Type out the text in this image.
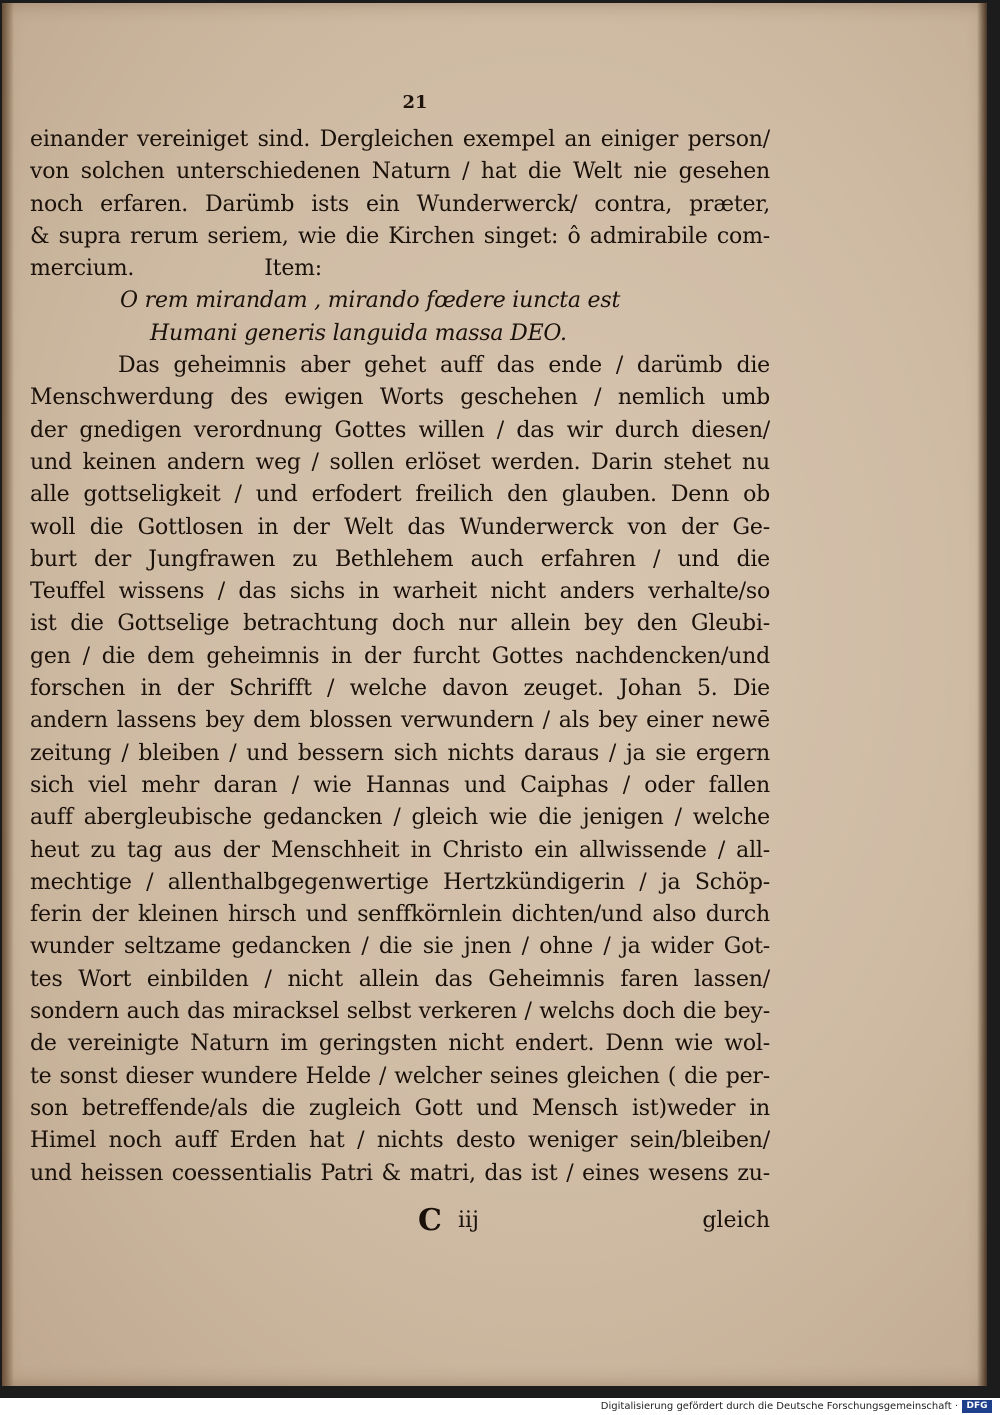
21
einander vereiniget sind. Dergleichen exempel an einiger person/
von solchen unterschiedenen Naturn / hat die Welt nie gesehen
noch erfaren. Darümb ists ein Wunderwerck/ contra, præter,
& supra rerum seriem, wie die Kirchen singet: ô admirabile com-
mercium.	Item:
O rem mirandam , mirando fœdere iuncta est
Humani generis languida massa DEO.
Das geheimnis aber gehet auff das ende / darümb die
Menschwerdung des ewigen Worts geschehen / nemlich umb
der gnedigen verordnung Gottes willen / das wir durch diesen/
und keinen andern weg / sollen erlöset werden. Darin stehet nu
alle gottseligkeit / und erfodert freilich den glauben. Denn ob
woll die Gottlosen in der Welt das Wunderwerck von der Ge-
burt der Jungfrawen zu Bethlehem auch erfahren / und die
Teuffel wissens / das sichs in warheit nicht anders verhalte/so
ist die Gottselige betrachtung doch nur allein bey den Gleubi-
gen / die dem geheimnis in der furcht Gottes nachdencken/und
forschen in der Schrifft / welche davon zeuget. Johan 5. Die
andern lassens bey dem blossen verwundern / als bey einer newē
zeitung / bleiben / und bessern sich nichts daraus / ja sie ergern
sich viel mehr daran / wie Hannas und Caiphas / oder fallen
auff aberglеubische gedancken / gleich wie die jenigen / welche
heut zu tag aus der Menschheit in Christo ein allwissende / all-
mechtige / allenthalbgegenwertige Hertzkündigerin / ja Schöp-
ferin der kleinen hirsch und senffkörnlein dichten/und also durch
wunder seltzame gedancken / die sie jnen / ohne / ja wider Got-
tes Wort einbilden / nicht allein das Geheimnis faren lassen/
sondern auch das miracksel selbst verkeren / welchs doch die bey-
de vereinigte Naturn im geringsten nicht endert. Denn wie wol-
te sonst dieser wundere Helde / welcher seines gleichen ( die per-
son betreffende/als die zugleich Gott und Mensch ist)weder in
Himel noch auff Erden hat / nichts desto weniger sein/bleiben/
und heissen coessentialis Patri & matri, das ist / eines wesens zu-
C iij	gleich
Digitalisierung gefördert durch die Deutsche Forschungsgemeinschaft · DFG
